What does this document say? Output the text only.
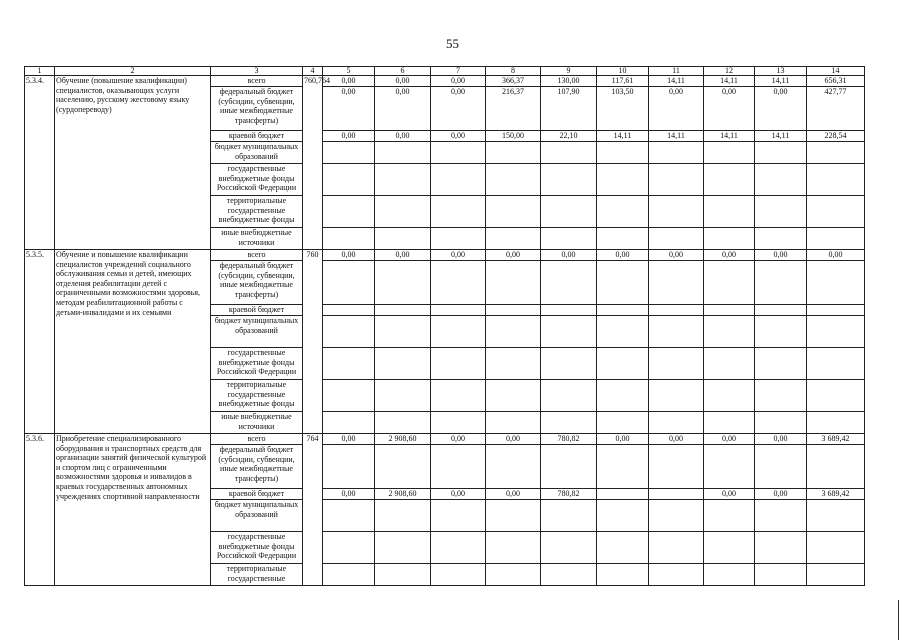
55
1	2	3	4	5	6	7	8	9	10	11	12	13	14
5.3.4.	Обучение (повышение квалификации) специалистов, оказывающих услуги населению, русскому жестовому языку (сурдопереводу)	всего	760,764	0,00	0,00	0,00	366,37	130,00	117,61	14,11	14,11	14,11	656,31
		федеральный бюджет (субсидии, субвенции, иные межбюджетные трансферты)		0,00	0,00	0,00	216,37	107,90	103,50	0,00	0,00	0,00	427,77
		краевой бюджет		0,00	0,00	0,00	150,00	22,10	14,11	14,11	14,11	14,11	228,54
		бюджет муниципальных образований											
		государственные внебюджетные фонды Российской Федерации											
		территориальные государственные внебюджетные фонды											
		иные внебюджетные источники											
5.3.5.	Обучение и повышение квалификации специалистов учреждений социального обслуживания семьи и детей, имеющих отделения реабилитации детей с ограниченными возможностями здоровья, методам реабилитационной работы с детьми-инвалидами и их семьями	всего	760	0,00	0,00	0,00	0,00	0,00	0,00	0,00	0,00	0,00	0,00
		федеральный бюджет (субсидии, субвенции, иные межбюджетные трансферты)											
		краевой бюджет											
		бюджет муниципальных образований											
		государственные внебюджетные фонды Российской Федерации											
		территориальные государственные внебюджетные фонды											
		иные внебюджетные источники											
5.3.6.	Приобретение специализированного оборудования и транспортных средств для организации занятий физической культурой и спортом лиц с ограниченными возможностями здоровья и инвалидов в краевых государственных автономных учреждениях спортивной направленности	всего	764	0,00	2 908,60	0,00	0,00	780,82	0,00	0,00	0,00	0,00	3 689,42
		федеральный бюджет (субсидии, субвенции, иные межбюджетные трансферты)											
		краевой бюджет		0,00	2 908,60	0,00	0,00	780,82			0,00	0,00	3 689,42
		бюджет муниципальных образований											
		государственные внебюджетные фонды Российской Федерации											
		территориальные государственные											
